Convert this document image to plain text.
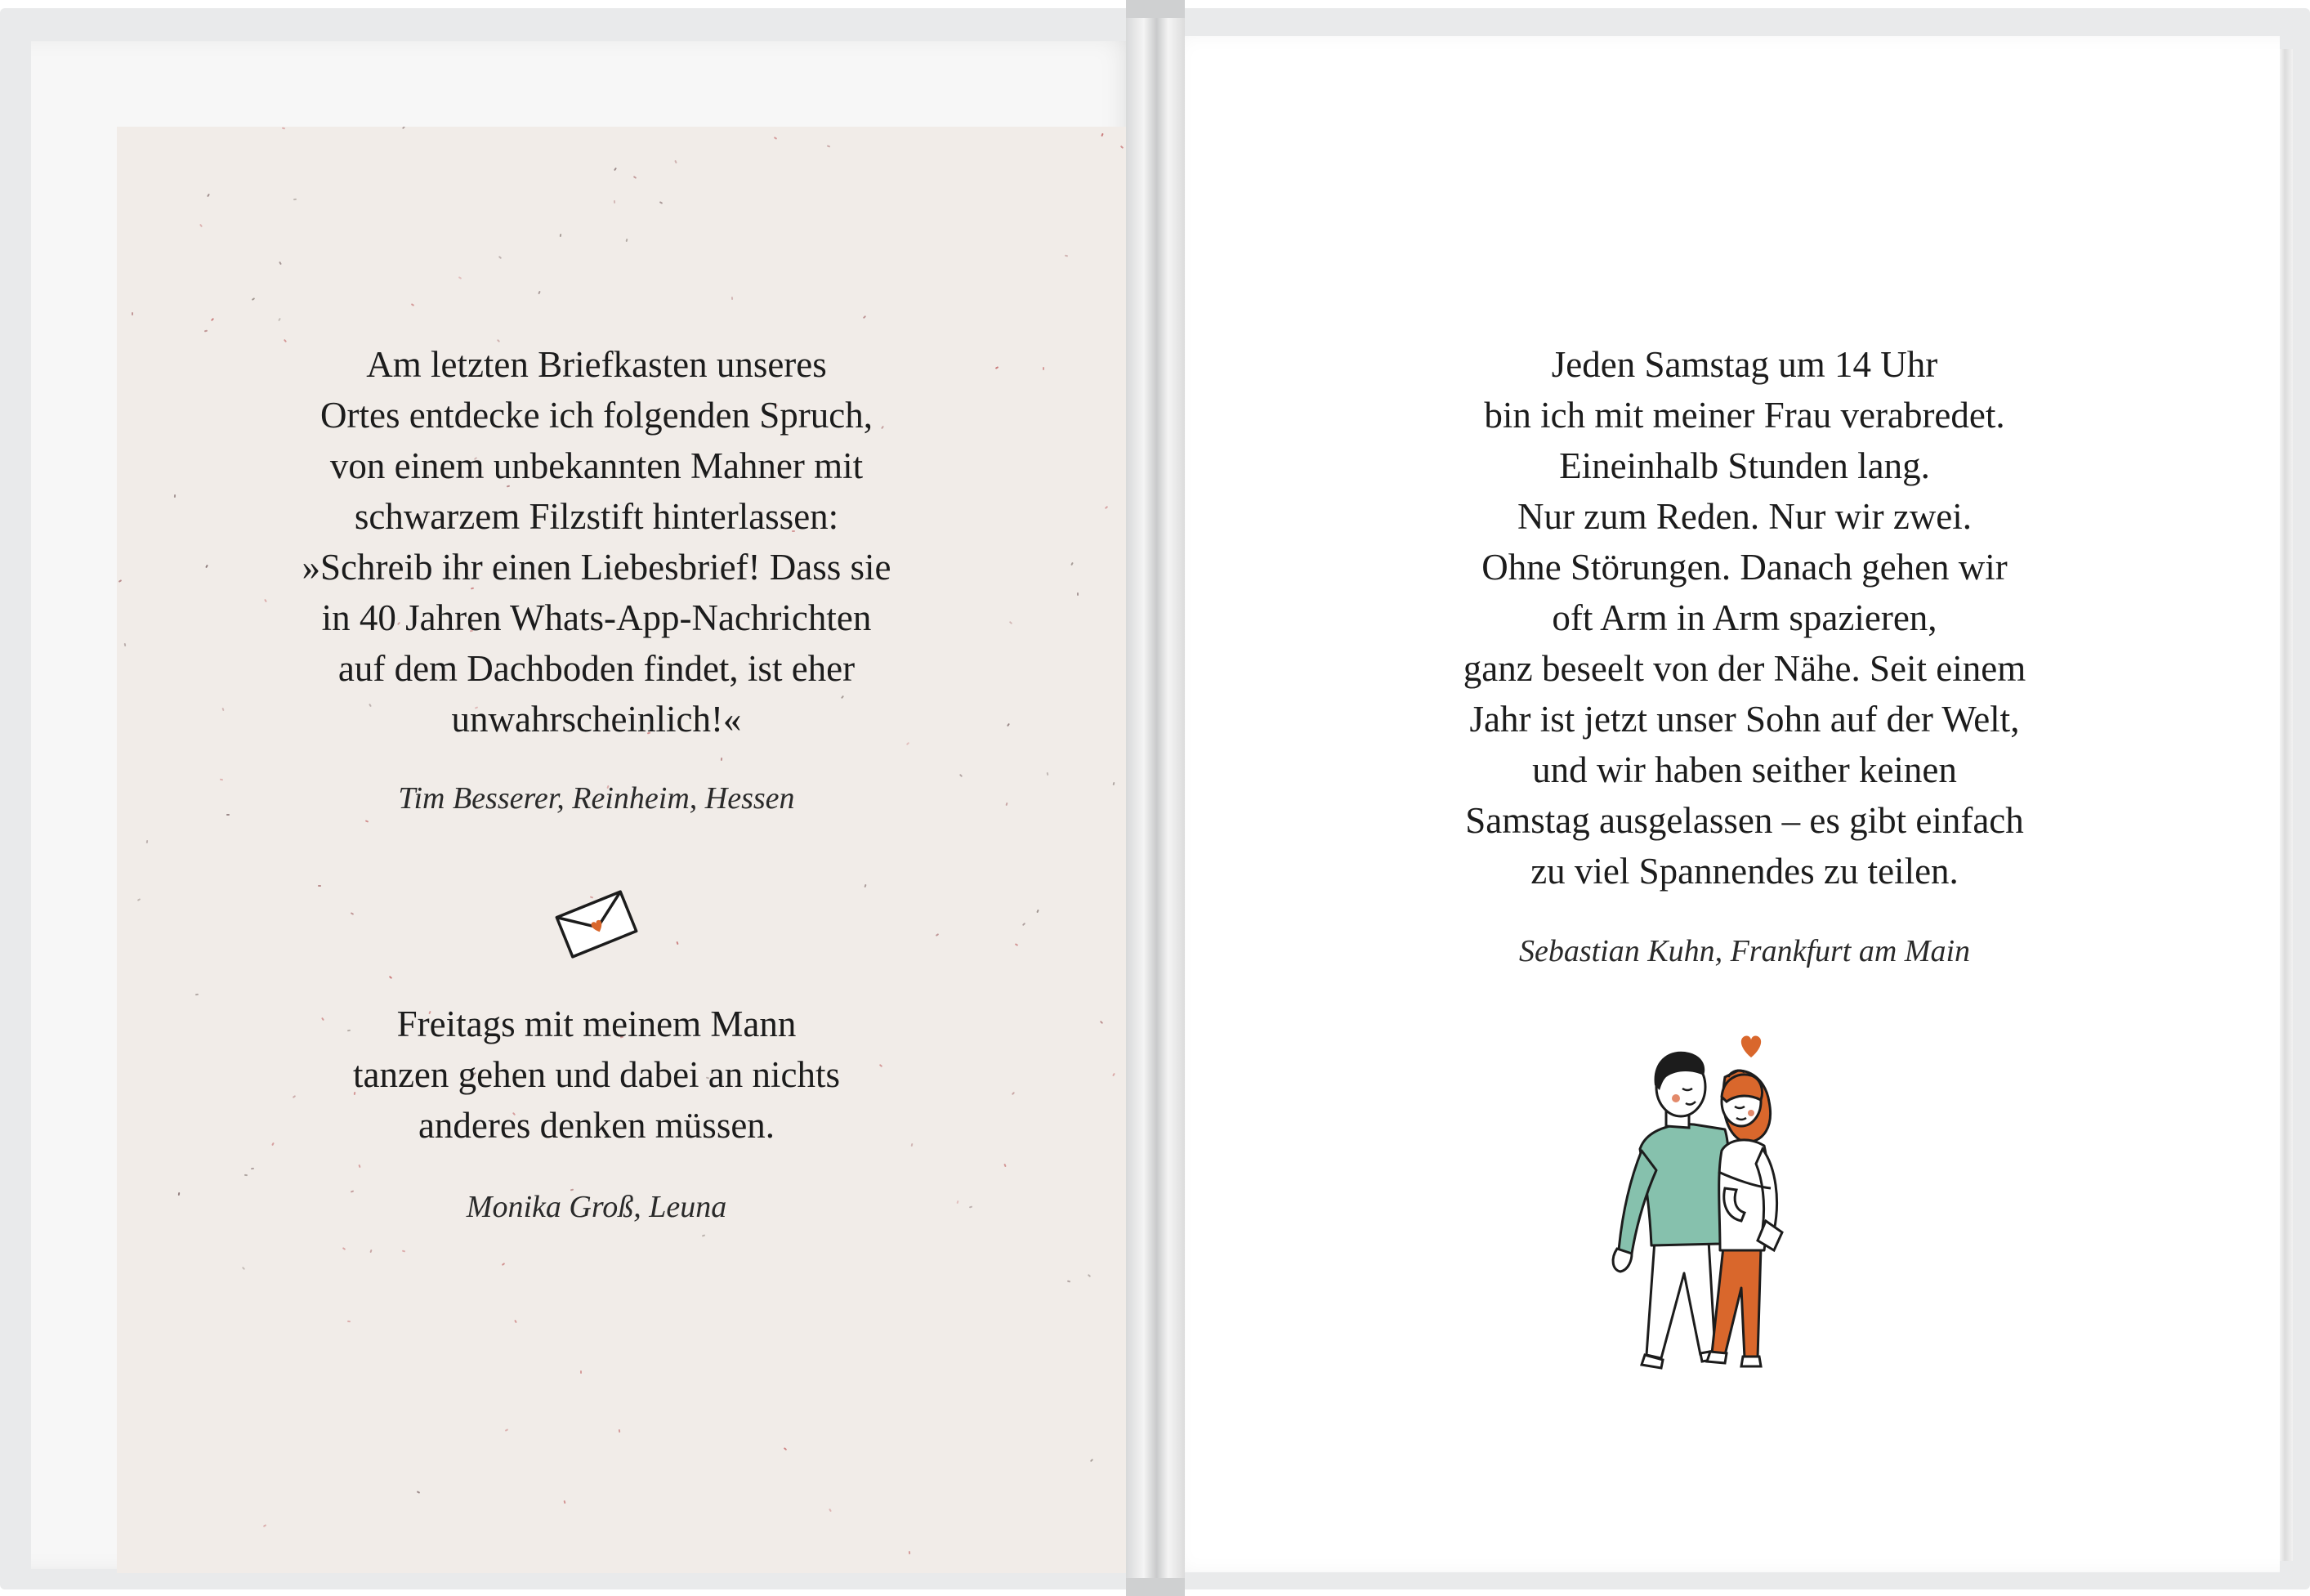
Am letzten Briefkasten unseres
Ortes entdecke ich folgenden Spruch,
von einem unbekannten Mahner mit
schwarzem Filzstift hinterlassen:
»Schreib ihr einen Liebesbrief! Dass sie
in 40 Jahren Whats-App-Nachrichten
auf dem Dachboden findet, ist eher
unwahrscheinlich!«
Tim Besserer, Reinheim, Hessen
Freitags mit meinem Mann
tanzen gehen und dabei an nichts
anderes denken müssen.
Monika Groß, Leuna
Jeden Samstag um 14 Uhr
bin ich mit meiner Frau verabredet.
Eineinhalb Stunden lang.
Nur zum Reden. Nur wir zwei.
Ohne Störungen. Danach gehen wir
oft Arm in Arm spazieren,
ganz beseelt von der Nähe. Seit einem
Jahr ist jetzt unser Sohn auf der Welt,
und wir haben seither keinen
Samstag ausgelassen – es gibt einfach
zu viel Spannendes zu teilen.
Sebastian Kuhn, Frankfurt am Main
